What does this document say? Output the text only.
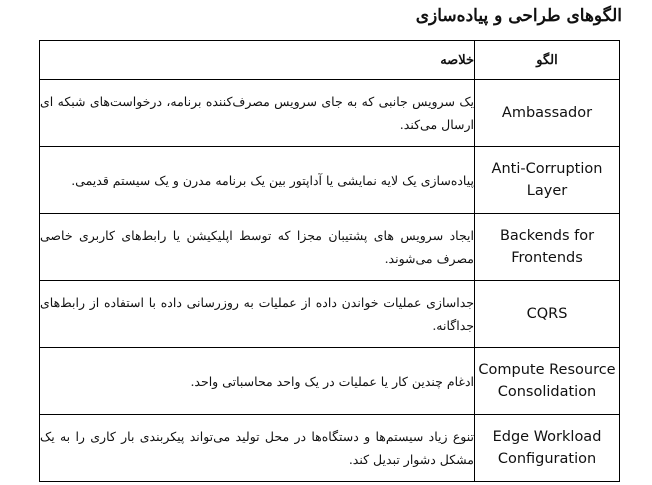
الگوهای طراحی و پیاده‌سازی
الگو	خلاصه
Ambassador	یک سرویس جانبی که به جای سرویس مصرف‌کننده برنامه، درخواست‌های شبکه ای ارسال می‌کند.
Anti-Corruption Layer	پیاده‌سازی یک لایه نمایشی یا آداپتور بین یک برنامه مدرن و یک سیستم قدیمی.
Backends for Frontends	ایجاد سرویس های پشتیبان مجزا که توسط اپلیکیشن یا رابط‌های کاربری خاصی مصرف می‌شوند.
CQRS	جداسازی عملیات خواندن داده از عملیات به روزرسانی داده با استفاده از رابط‌های جداگانه.
Compute Resource Consolidation	ادغام چندین کار یا عملیات در یک واحد محاسباتی واحد.
Edge Workload Configuration	تنوع زیاد سیستم‌ها و دستگاه‌ها در محل تولید می‌تواند پیکربندی بار کاری را به یک مشکل دشوار تبدیل کند.
